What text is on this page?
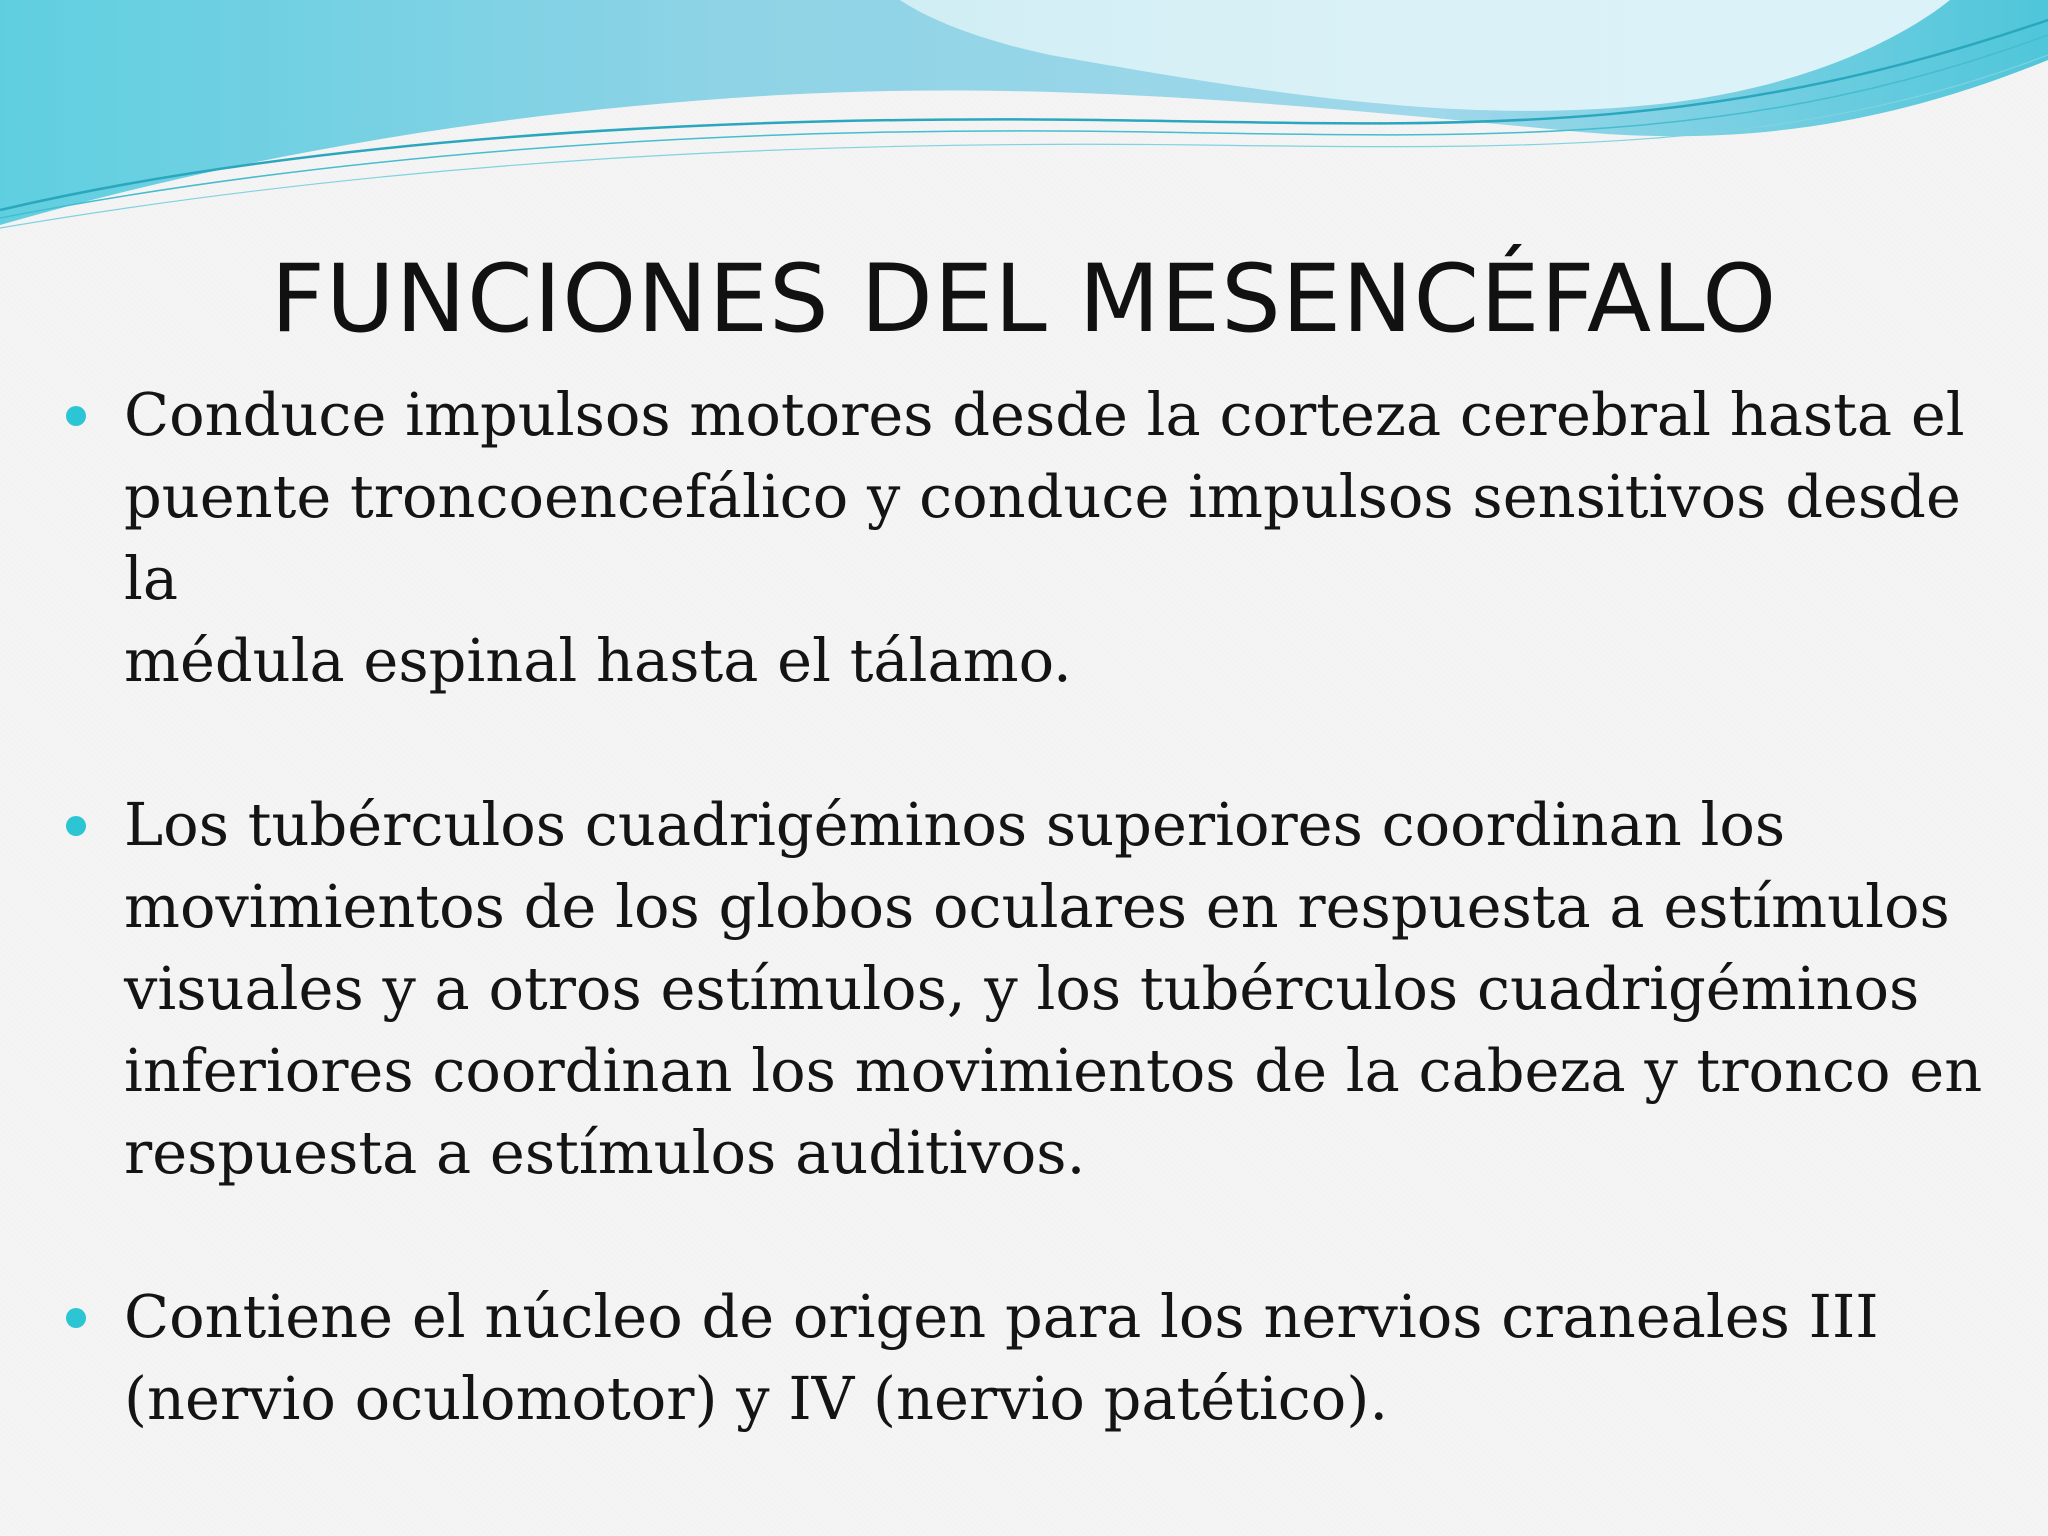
FUNCIONES DEL MESENCÉFALO
Conduce impulsos motores desde la corteza cerebral hasta el
puente troncoencefálico y conduce impulsos sensitivos desde la
médula espinal hasta el tálamo.
Los tubérculos cuadrigéminos superiores coordinan los
movimientos de los globos oculares en respuesta a estímulos
visuales y a otros estímulos, y los tubérculos cuadrigéminos
inferiores coordinan los movimientos de la cabeza y tronco en
respuesta a estímulos auditivos.
Contiene el núcleo de origen para los nervios craneales III
(nervio oculomotor) y IV (nervio patético).
